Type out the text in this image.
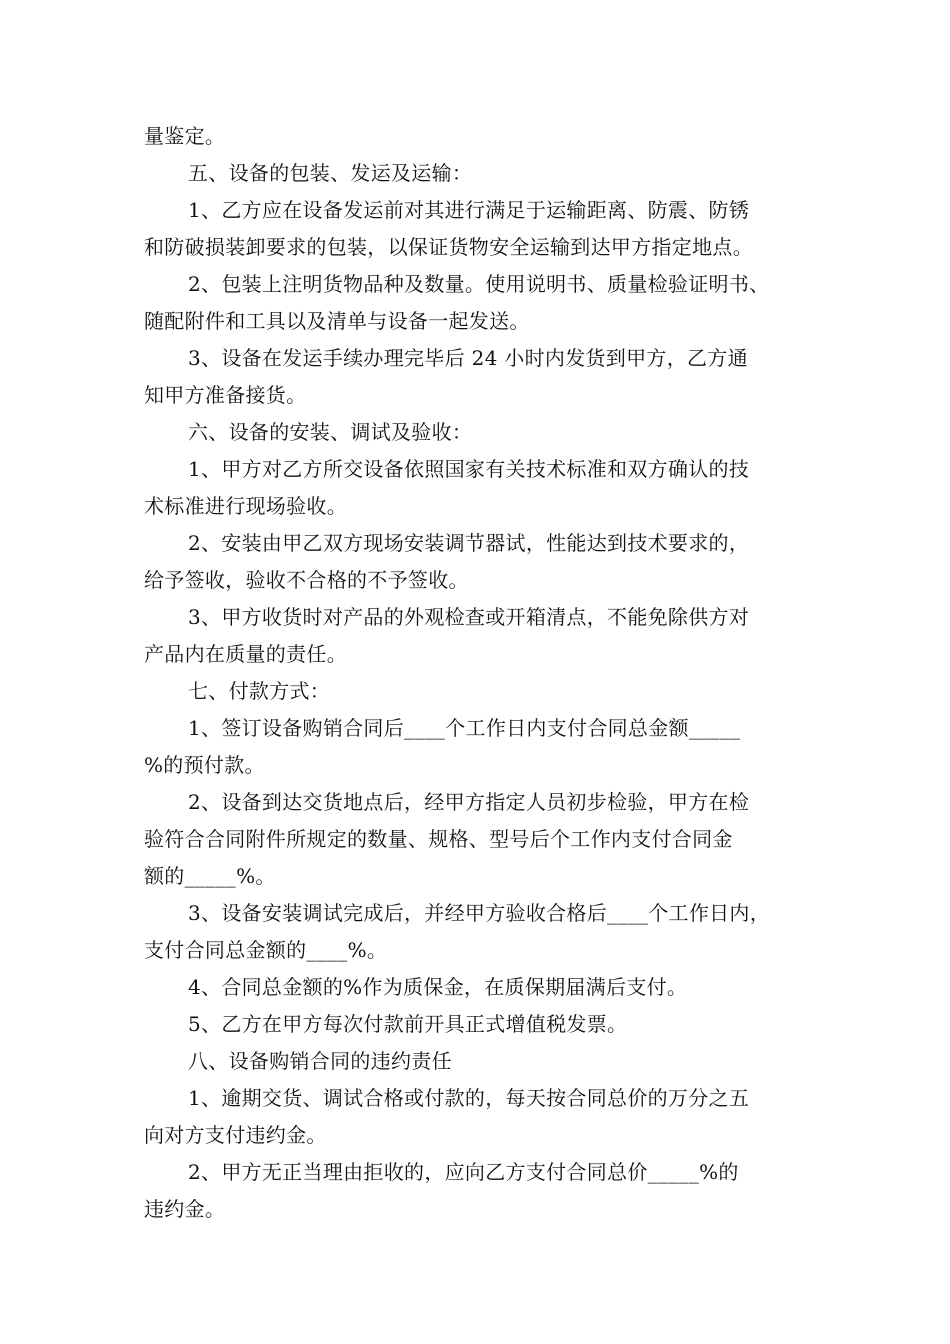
量鉴定。
五、设备的包装、发运及运输：
1、乙方应在设备发运前对其进行满足于运输距离、防震、防锈
和防破损装卸要求的包装，以保证货物安全运输到达甲方指定地点。
2、包装上注明货物品种及数量。使用说明书、质量检验证明书、
随配附件和工具以及清单与设备一起发送。
3、设备在发运手续办理完毕后 24 小时内发货到甲方，乙方通
知甲方准备接货。
六、设备的安装、调试及验收：
1、甲方对乙方所交设备依照国家有关技术标准和双方确认的技
术标准进行现场验收。
2、安装由甲乙双方现场安装调节器试，性能达到技术要求的，
给予签收，验收不合格的不予签收。
3、甲方收货时对产品的外观检查或开箱清点，不能免除供方对
产品内在质量的责任。
七、付款方式：
1、签订设备购销合同后____个工作日内支付合同总金额_____
%的预付款。
2、设备到达交货地点后，经甲方指定人员初步检验，甲方在检
验符合合同附件所规定的数量、规格、型号后个工作内支付合同金
额的_____%。
3、设备安装调试完成后，并经甲方验收合格后____个工作日内，
支付合同总金额的____%。
4、合同总金额的%作为质保金，在质保期届满后支付。
5、乙方在甲方每次付款前开具正式增值税发票。
八、设备购销合同的违约责任
1、逾期交货、调试合格或付款的，每天按合同总价的万分之五
向对方支付违约金。
2、甲方无正当理由拒收的，应向乙方支付合同总价_____%的
违约金。
